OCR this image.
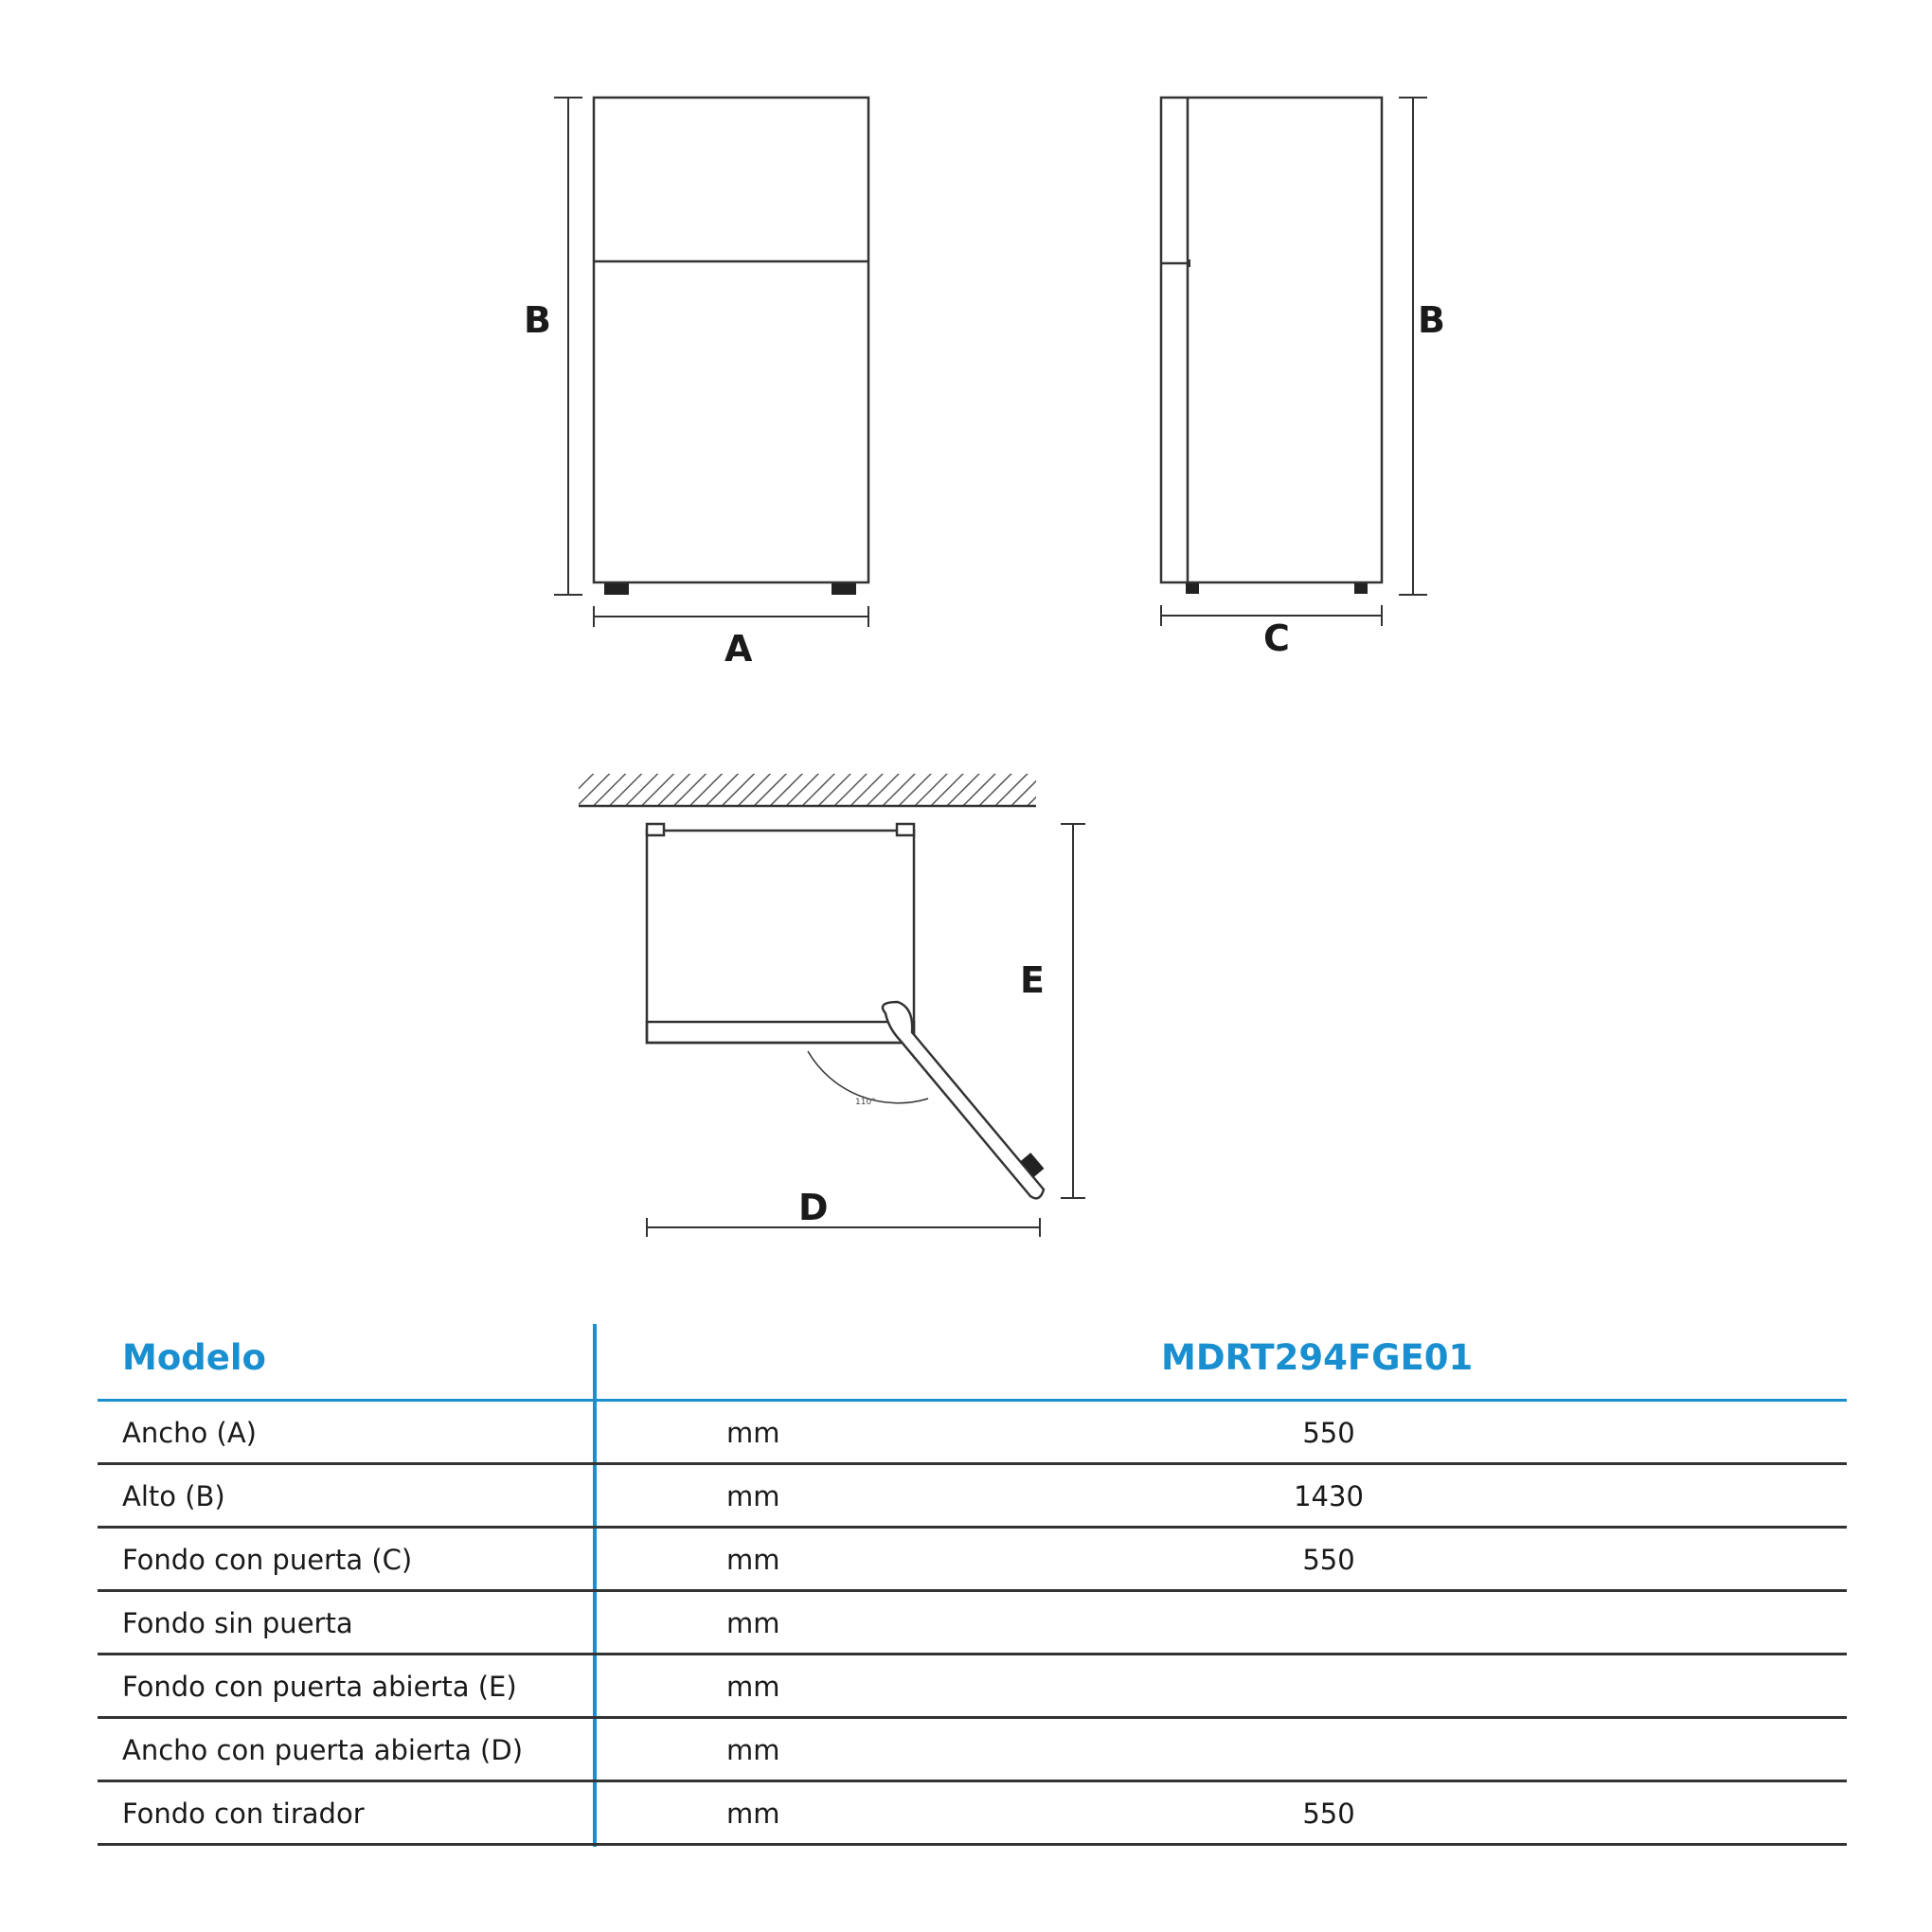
B
A
B
C
110°
E
D
Modelo	MDRT294FGE01
Ancho (A)	mm	550
Alto (B)	mm	1430
Fondo con puerta (C)	mm	550
Fondo sin puerta	mm
Fondo con puerta abierta (E)	mm
Ancho con puerta abierta (D)	mm
Fondo con tirador	mm	550
